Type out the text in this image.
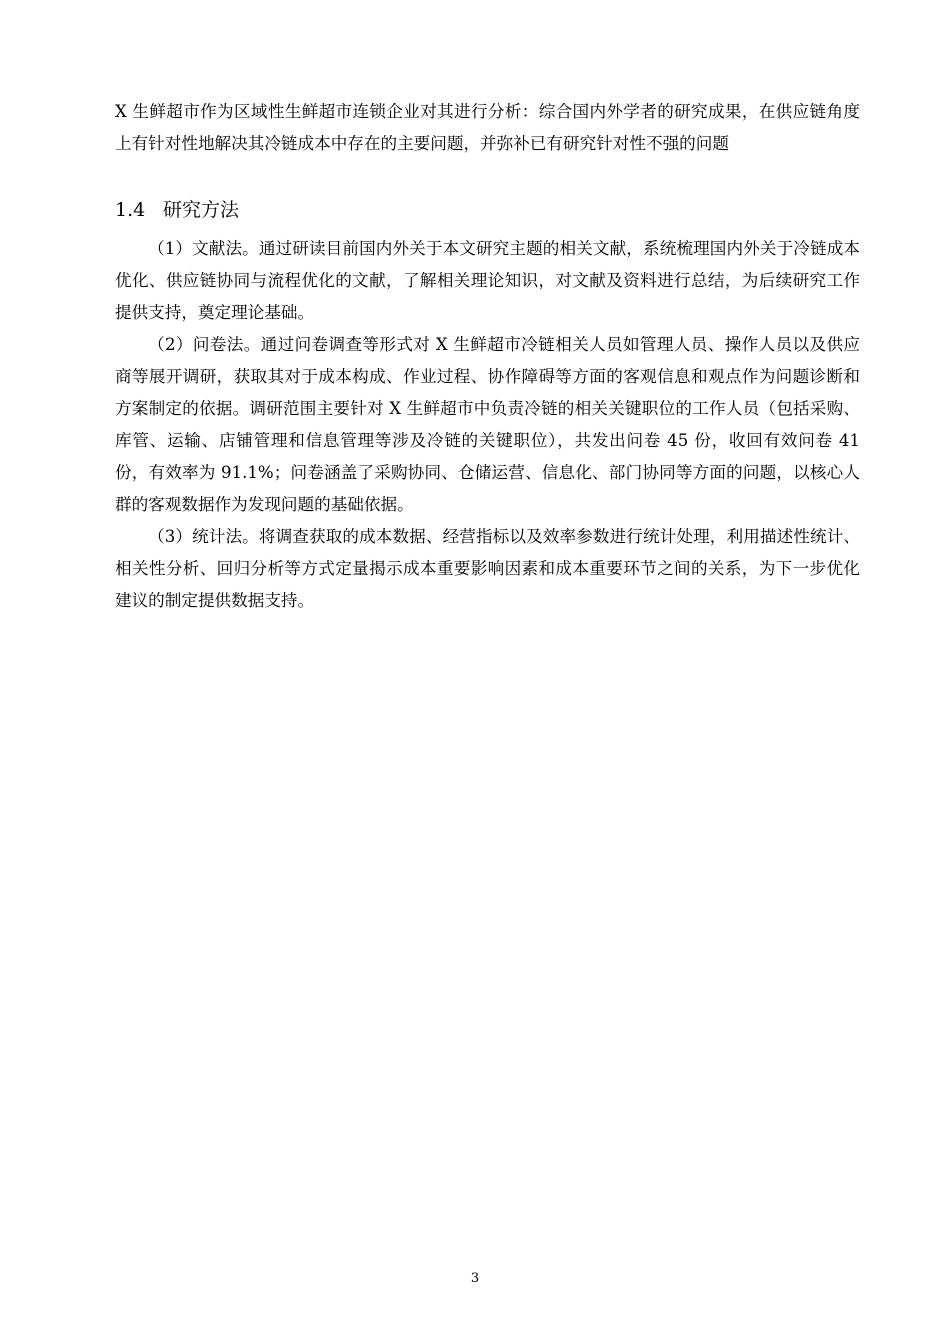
X 生鲜超市作为区域性生鲜超市连锁企业对其进行分析：综合国内外学者的研究成果，在供应链角度上有针对性地解决其冷链成本中存在的主要问题，并弥补已有研究针对性不强的问题

1.4 研究方法

（1）文献法。通过研读目前国内外关于本文研究主题的相关文献，系统梳理国内外关于冷链成本优化、供应链协同与流程优化的文献，了解相关理论知识，对文献及资料进行总结，为后续研究工作提供支持，奠定理论基础。

（2）问卷法。通过问卷调查等形式对 X 生鲜超市冷链相关人员如管理人员、操作人员以及供应商等展开调研，获取其对于成本构成、作业过程、协作障碍等方面的客观信息和观点作为问题诊断和方案制定的依据。调研范围主要针对 X 生鲜超市中负责冷链的相关关键职位的工作人员（包括采购、库管、运输、店铺管理和信息管理等涉及冷链的关键职位），共发出问卷 45 份，收回有效问卷 41 份，有效率为 91.1%；问卷涵盖了采购协同、仓储运营、信息化、部门协同等方面的问题，以核心人群的客观数据作为发现问题的基础依据。

（3）统计法。将调查获取的成本数据、经营指标以及效率参数进行统计处理，利用描述性统计、相关性分析、回归分析等方式定量揭示成本重要影响因素和成本重要环节之间的关系，为下一步优化建议的制定提供数据支持。

3
